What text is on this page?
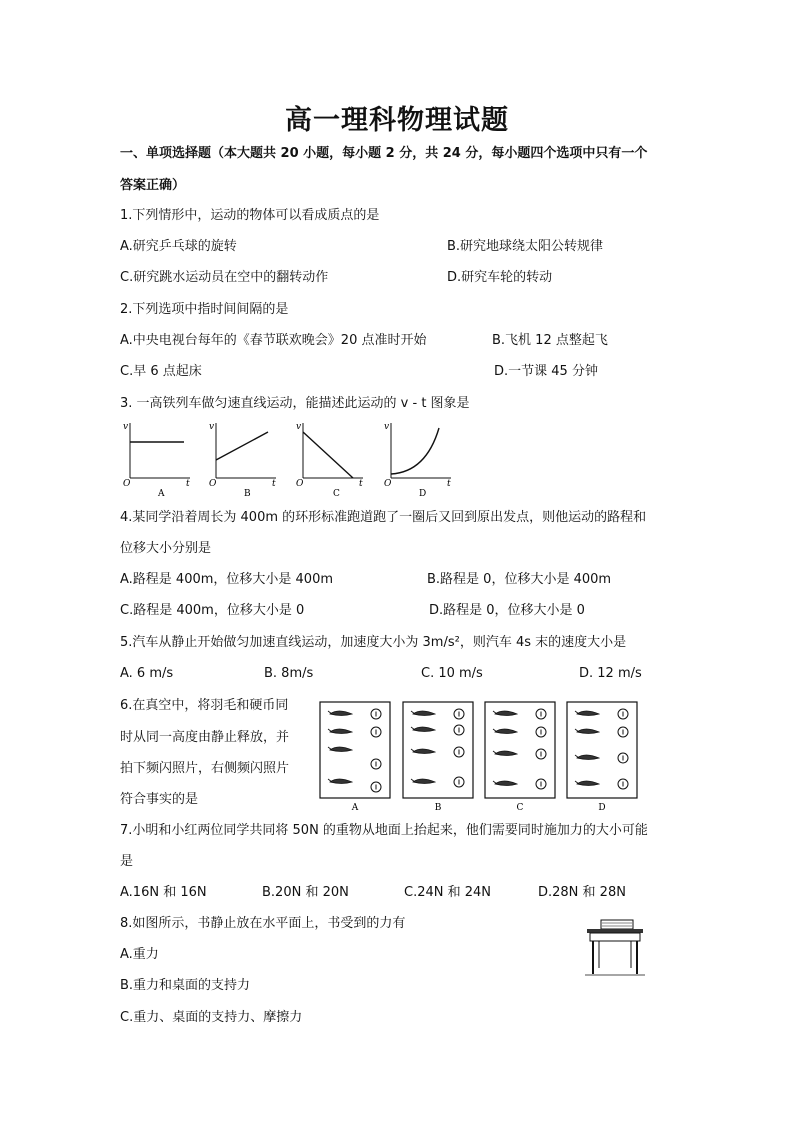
高一理科物理试题
一、单项选择题（本大题共 20 小题，每小题 2 分，共 24 分，每小题四个选项中只有一个
答案正确）
1.下列情形中，运动的物体可以看成质点的是
A.研究乒乓球的旋转	B.研究地球绕太阳公转规律
C.研究跳水运动员在空中的翻转动作	D.研究车轮的转动
2.下列选项中指时间间隔的是
A.中央电视台每年的《春节联欢晚会》20 点准时开始	B.飞机 12 点整起飞
C.早 6 点起床	D.一节课 45 分钟
3. 一高铁列车做匀速直线运动，能描述此运动的 v - t 图象是
v
O	t
A
v
O	t
B
v
O	t
C
v
O	t
D
4.某同学沿着周长为 400m 的环形标准跑道跑了一圈后又回到原出发点，则他运动的路程和
位移大小分别是
A.路程是 400m，位移大小是 400m	B.路程是 0，位移大小是 400m
C.路程是 400m，位移大小是 0	D.路程是 0，位移大小是 0
5.汽车从静止开始做匀加速直线运动，加速度大小为 3m/s²，则汽车 4s 末的速度大小是
A. 6 m/s	B. 8m/s	C. 10 m/s	D. 12 m/s
6.在真空中，将羽毛和硬币同
时从同一高度由静止释放，并
拍下频闪照片，右侧频闪照片
符合事实的是
A	B	C	D
7.小明和小红两位同学共同将 50N 的重物从地面上抬起来，他们需要同时施加力的大小可能
是
A.16N 和 16N	B.20N 和 20N	C.24N 和 24N	D.28N 和 28N
8.如图所示，书静止放在水平面上，书受到的力有
A.重力
B.重力和桌面的支持力
C.重力、桌面的支持力、摩擦力
